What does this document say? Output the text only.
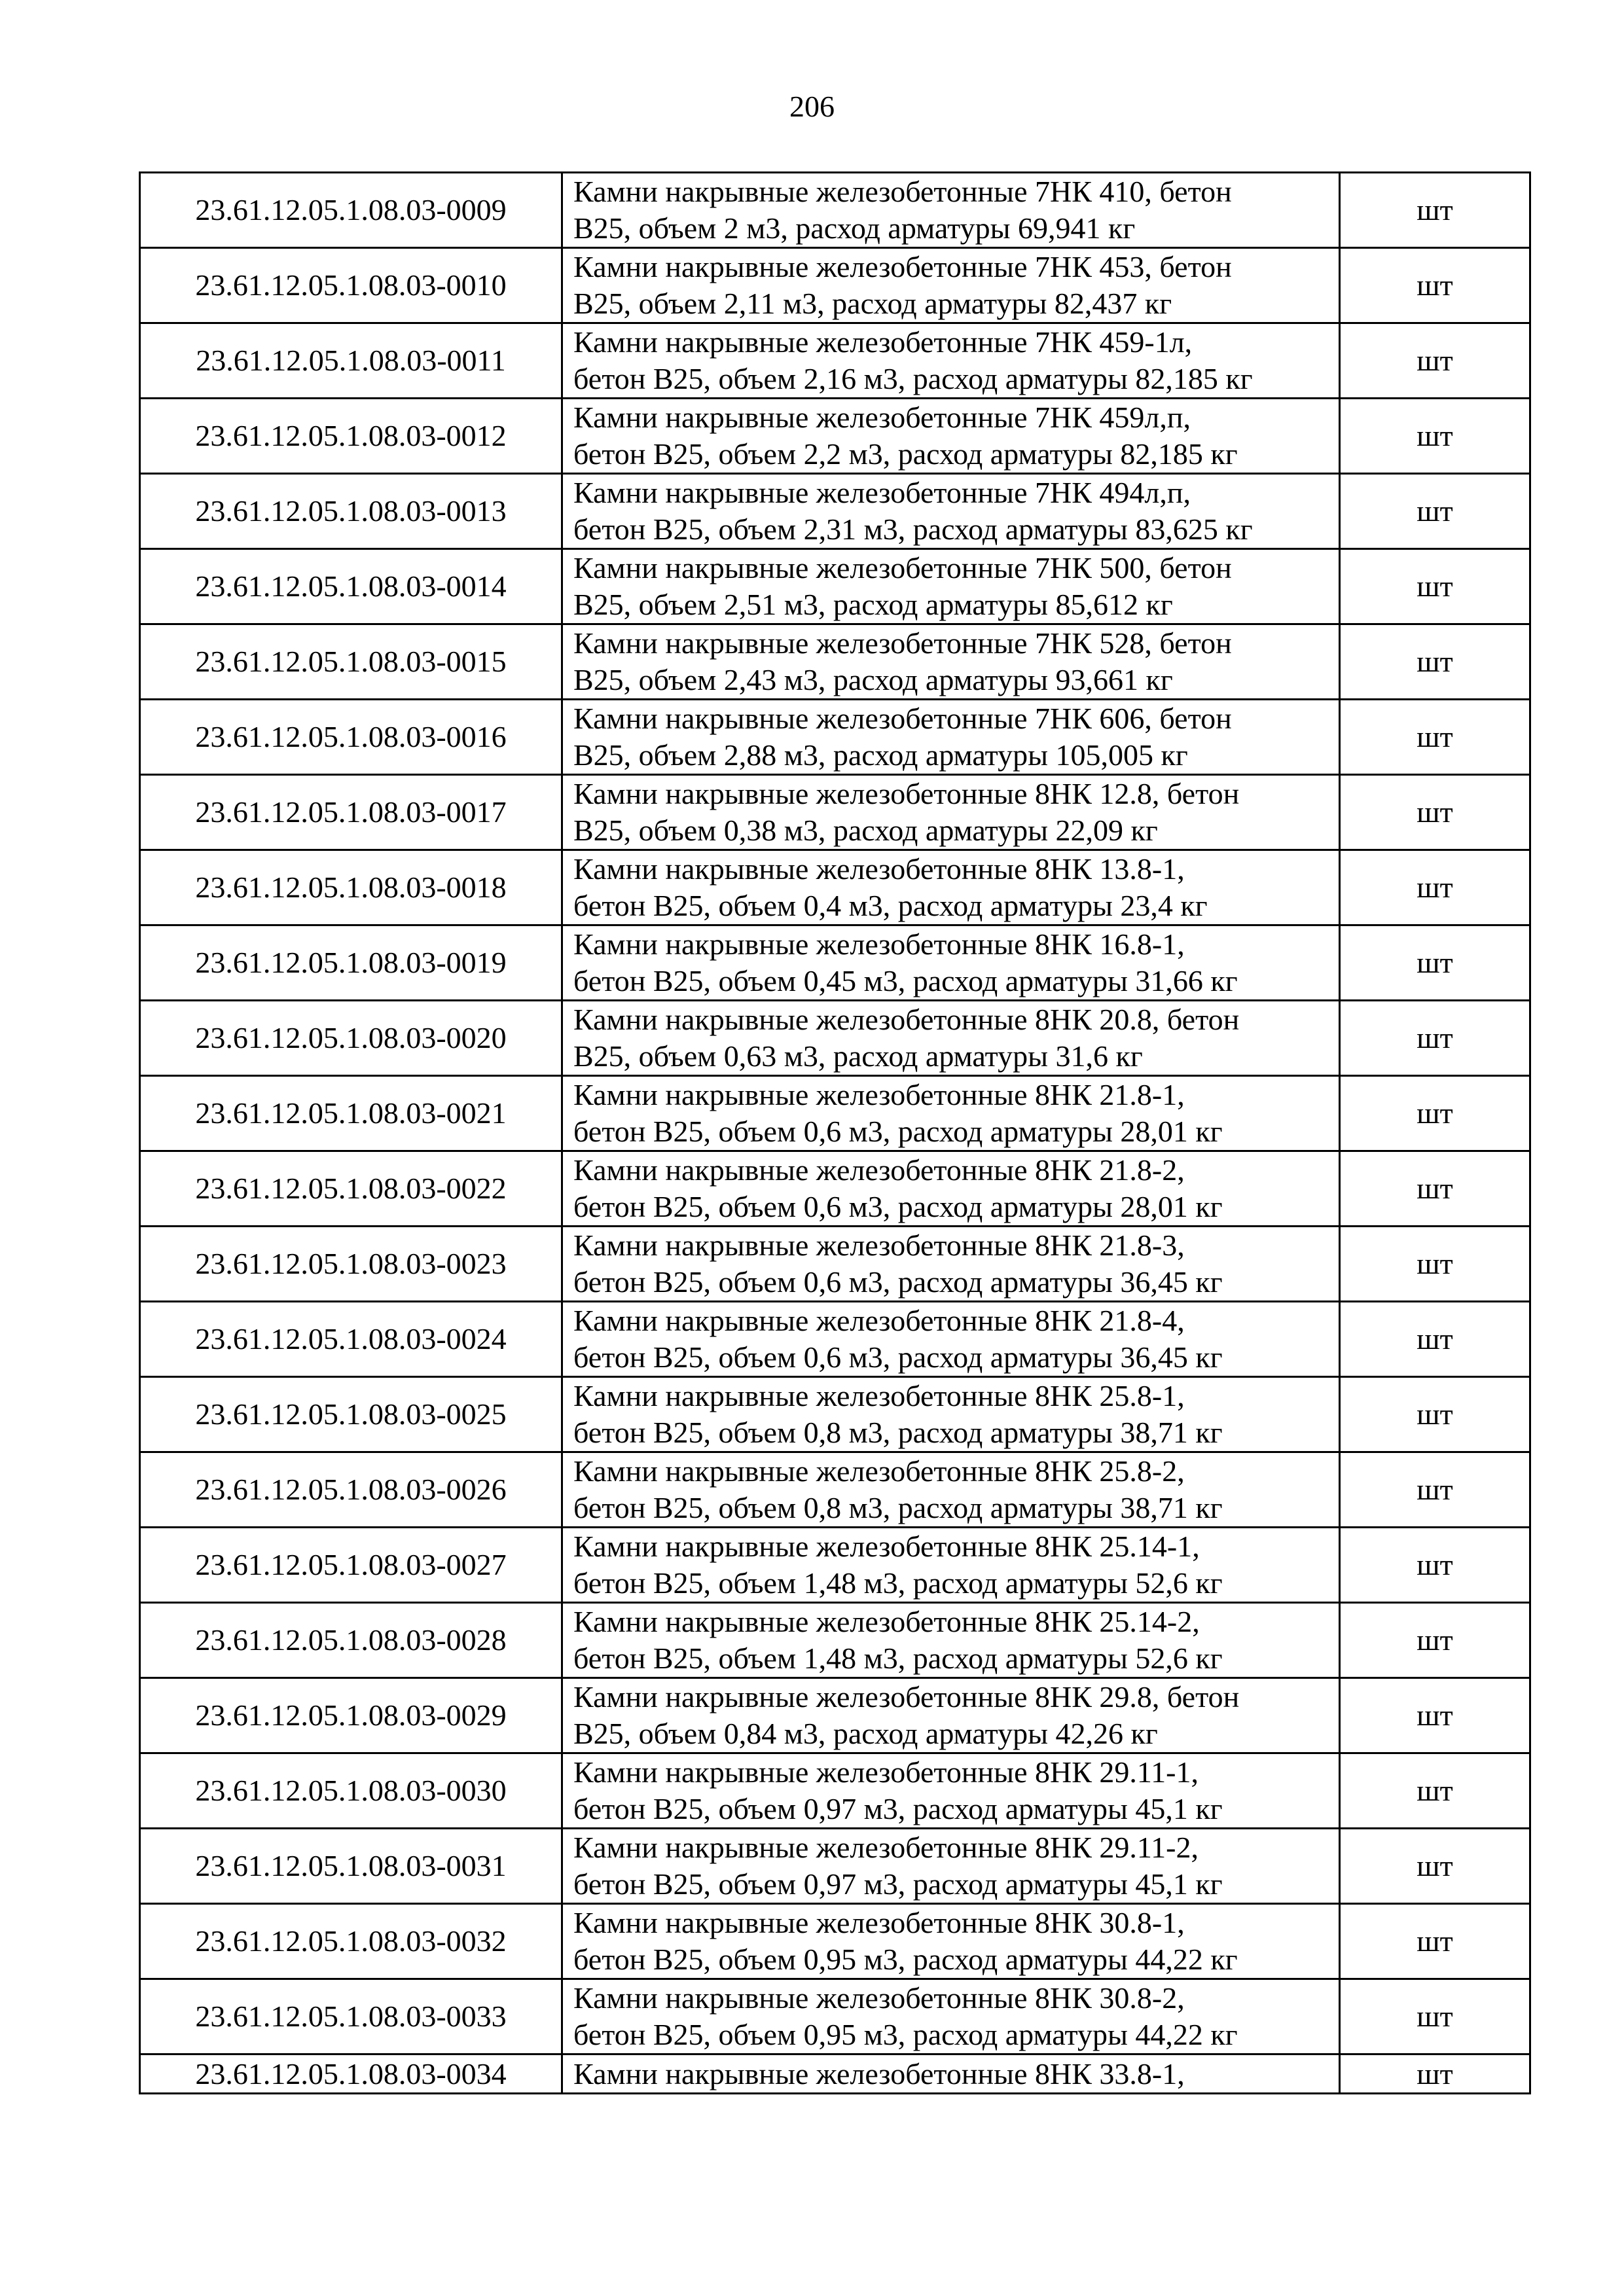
206
23.61.12.05.1.08.03-0009	Камни накрывные железобетонные 7НК 410, бетон
В25, объем 2 м3, расход арматуры 69,941 кг	шт
23.61.12.05.1.08.03-0010	Камни накрывные железобетонные 7НК 453, бетон
В25, объем 2,11 м3, расход арматуры 82,437 кг	шт
23.61.12.05.1.08.03-0011	Камни накрывные железобетонные 7НК 459-1л,
бетон В25, объем 2,16 м3, расход арматуры 82,185 кг	шт
23.61.12.05.1.08.03-0012	Камни накрывные железобетонные 7НК 459л,п,
бетон В25, объем 2,2 м3, расход арматуры 82,185 кг	шт
23.61.12.05.1.08.03-0013	Камни накрывные железобетонные 7НК 494л,п,
бетон В25, объем 2,31 м3, расход арматуры 83,625 кг	шт
23.61.12.05.1.08.03-0014	Камни накрывные железобетонные 7НК 500, бетон
В25, объем 2,51 м3, расход арматуры 85,612 кг	шт
23.61.12.05.1.08.03-0015	Камни накрывные железобетонные 7НК 528, бетон
В25, объем 2,43 м3, расход арматуры 93,661 кг	шт
23.61.12.05.1.08.03-0016	Камни накрывные железобетонные 7НК 606, бетон
В25, объем 2,88 м3, расход арматуры 105,005 кг	шт
23.61.12.05.1.08.03-0017	Камни накрывные железобетонные 8НК 12.8, бетон
В25, объем 0,38 м3, расход арматуры 22,09 кг	шт
23.61.12.05.1.08.03-0018	Камни накрывные железобетонные 8НК 13.8-1,
бетон В25, объем 0,4 м3, расход арматуры 23,4 кг	шт
23.61.12.05.1.08.03-0019	Камни накрывные железобетонные 8НК 16.8-1,
бетон В25, объем 0,45 м3, расход арматуры 31,66 кг	шт
23.61.12.05.1.08.03-0020	Камни накрывные железобетонные 8НК 20.8, бетон
В25, объем 0,63 м3, расход арматуры 31,6 кг	шт
23.61.12.05.1.08.03-0021	Камни накрывные железобетонные 8НК 21.8-1,
бетон В25, объем 0,6 м3, расход арматуры 28,01 кг	шт
23.61.12.05.1.08.03-0022	Камни накрывные железобетонные 8НК 21.8-2,
бетон В25, объем 0,6 м3, расход арматуры 28,01 кг	шт
23.61.12.05.1.08.03-0023	Камни накрывные железобетонные 8НК 21.8-3,
бетон В25, объем 0,6 м3, расход арматуры 36,45 кг	шт
23.61.12.05.1.08.03-0024	Камни накрывные железобетонные 8НК 21.8-4,
бетон В25, объем 0,6 м3, расход арматуры 36,45 кг	шт
23.61.12.05.1.08.03-0025	Камни накрывные железобетонные 8НК 25.8-1,
бетон В25, объем 0,8 м3, расход арматуры 38,71 кг	шт
23.61.12.05.1.08.03-0026	Камни накрывные железобетонные 8НК 25.8-2,
бетон В25, объем 0,8 м3, расход арматуры 38,71 кг	шт
23.61.12.05.1.08.03-0027	Камни накрывные железобетонные 8НК 25.14-1,
бетон В25, объем 1,48 м3, расход арматуры 52,6 кг	шт
23.61.12.05.1.08.03-0028	Камни накрывные железобетонные 8НК 25.14-2,
бетон В25, объем 1,48 м3, расход арматуры 52,6 кг	шт
23.61.12.05.1.08.03-0029	Камни накрывные железобетонные 8НК 29.8, бетон
В25, объем 0,84 м3, расход арматуры 42,26 кг	шт
23.61.12.05.1.08.03-0030	Камни накрывные железобетонные 8НК 29.11-1,
бетон В25, объем 0,97 м3, расход арматуры 45,1 кг	шт
23.61.12.05.1.08.03-0031	Камни накрывные железобетонные 8НК 29.11-2,
бетон В25, объем 0,97 м3, расход арматуры 45,1 кг	шт
23.61.12.05.1.08.03-0032	Камни накрывные железобетонные 8НК 30.8-1,
бетон В25, объем 0,95 м3, расход арматуры 44,22 кг	шт
23.61.12.05.1.08.03-0033	Камни накрывные железобетонные 8НК 30.8-2,
бетон В25, объем 0,95 м3, расход арматуры 44,22 кг	шт
23.61.12.05.1.08.03-0034	Камни накрывные железобетонные 8НК 33.8-1,	шт
